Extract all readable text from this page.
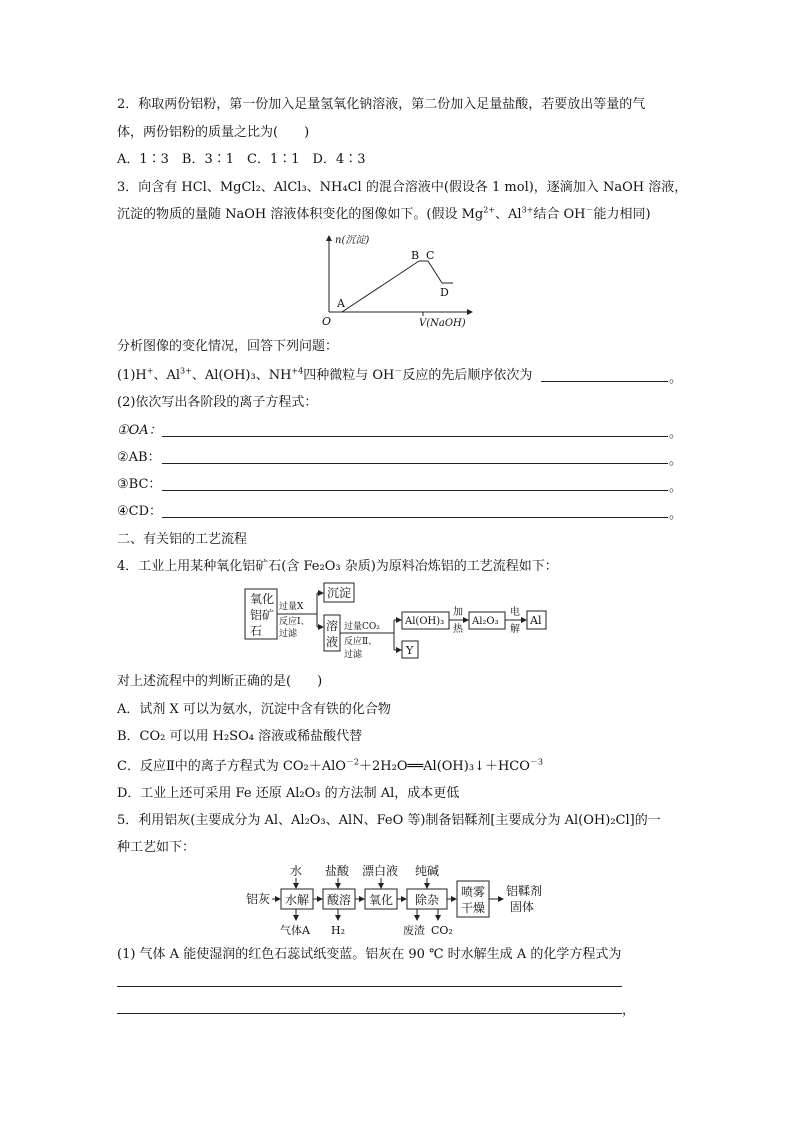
2．称取两份铝粉，第一份加入足量氢氧化钠溶液，第二份加入足量盐酸，若要放出等量的气
体，两份铝粉的质量之比为(　　)
A．1∶3　B．3∶1　C．1∶1　D．4∶3
3．向含有 HCl、MgCl₂、AlCl₃、NH₄Cl 的混合溶液中(假设各 1 mol)，逐滴加入 NaOH 溶液，
沉淀的物质的量随 NaOH 溶液体积变化的图像如下。(假设 $Mg^{2+}$、$Al^{3+}$结合 OH－能力相同)
n(沉淀)
O
A
B C
D
V(NaOH)
分析图像的变化情况，回答下列问题：
(1)H+、$Al^{3+}$、Al(OH)₃、$NH^{+4}$四种微粒与 OH－反应的先后顺序依次为	。
(2)依次写出各阶段的离子方程式：
①OA：	。
②AB：	。
③BC：	。
④CD：	。
二、有关铝的工艺流程
4．工业上用某种氧化铝矿石(含 Fe₂O₃ 杂质)为原料冶炼铝的工艺流程如下：
氧化
铝矿
石
过量X
反应Ⅰ、
过滤
沉淀
溶
液
过量CO₂
反应Ⅱ、
过滤
Al(OH)₃
加
热
Al₂O₃
电
解
Al
Y
对上述流程中的判断正确的是(　　)
A．试剂 X 可以为氨水，沉淀中含有铁的化合物
B．CO₂ 可以用 H₂SO₄ 溶液或稀盐酸代替
C．反应Ⅱ中的离子方程式为 $CO_2+AlO^{-2}+2H_2O══Al(OH)_3↓+HCO^{-3}$
D．工业上还可采用 Fe 还原 Al₂O₃ 的方法制 Al，成本更低
5．利用铝灰(主要成分为 Al、Al₂O₃、AlN、FeO 等)制备铝鞣剂[主要成分为 Al(OH)₂Cl]的一
种工艺如下：
铝灰
水
水解
气体A
盐酸
酸溶
H₂
漂白液
氧化
纯碱
除杂
废渣 CO₂
喷雾
干燥
铝鞣剂
固体
(1) 气体 A 能使湿润的红色石蕊试纸变蓝。铝灰在 90 ℃ 时水解生成 A 的化学方程式为
，
